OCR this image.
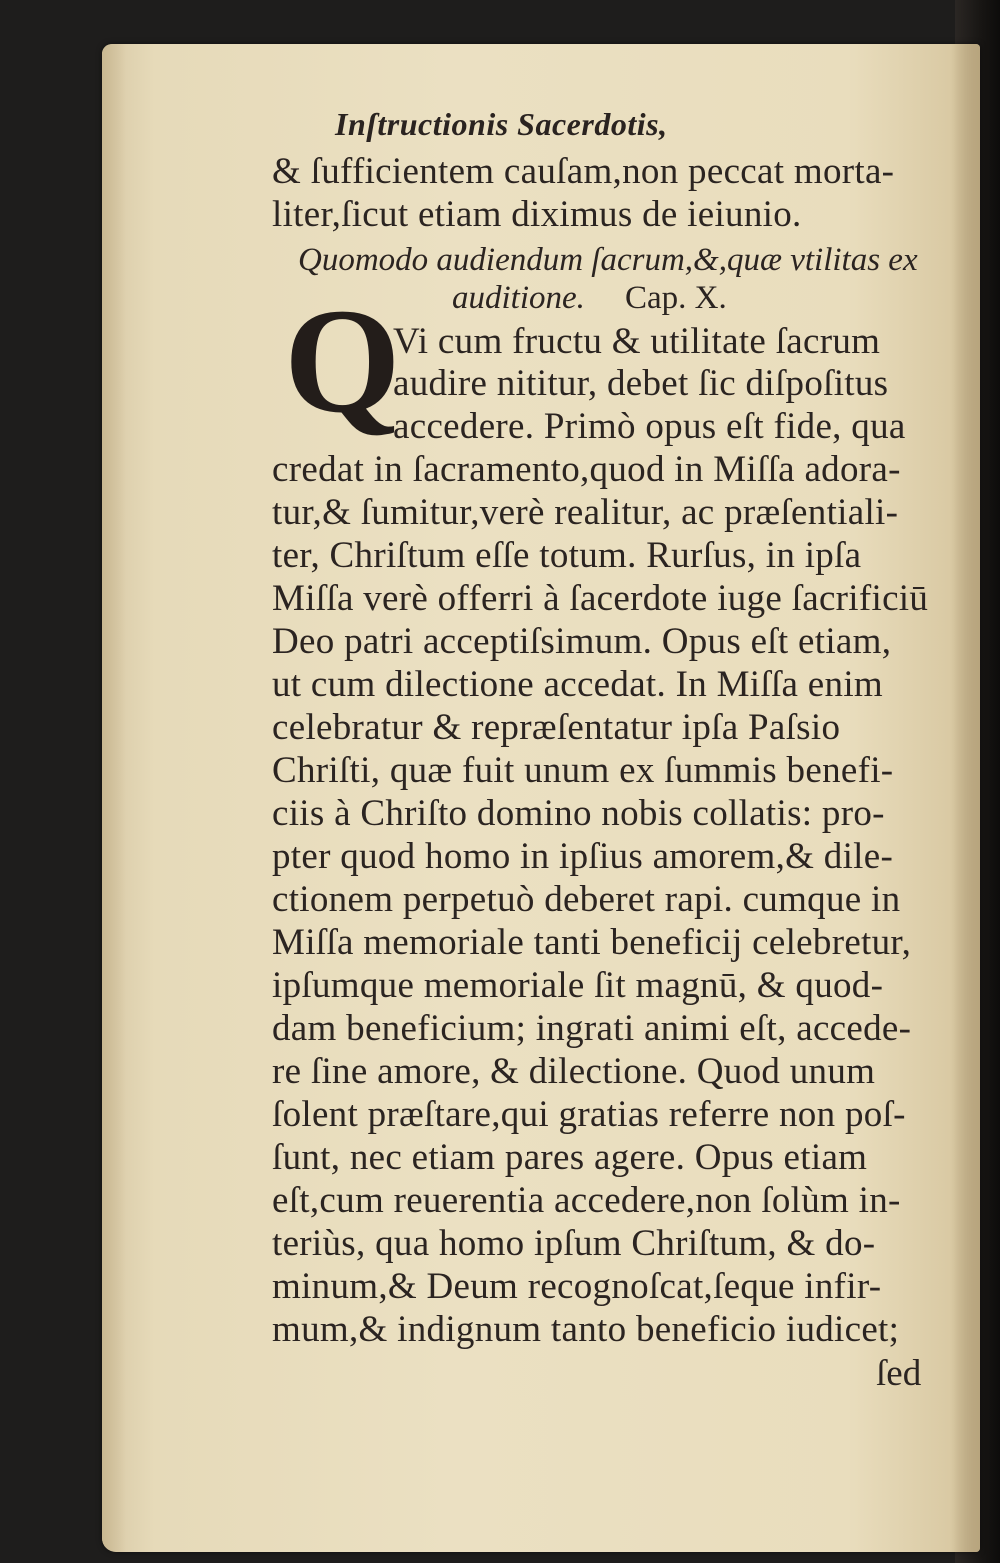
Inſtructionis Sacerdotis,
& ſufficientem cauſam,non peccat morta-
liter,ſicut etiam diximus de ieiunio.
Quomodo audiendum ſacrum,&,quæ vtilitas ex
auditione. Cap. X.
Q
Vi cum fructu & utilitate ſacrum
audire nititur, debet ſic diſpoſitus
accedere. Primò opus eſt fide, qua
credat in ſacramento,quod in Miſſa adora-
tur,& ſumitur,verè realitur, ac præſentiali-
ter, Chriſtum eſſe totum. Rurſus, in ipſa
Miſſa verè offerri à ſacerdote iuge ſacrificiū
Deo patri acceptiſsimum. Opus eſt etiam,
ut cum dilectione accedat. In Miſſa enim
celebratur & repræſentatur ipſa Paſsio
Chriſti, quæ fuit unum ex ſummis benefi-
ciis à Chriſto domino nobis collatis: pro-
pter quod homo in ipſius amorem,& dile-
ctionem perpetuò deberet rapi. cumque in
Miſſa memoriale tanti beneficij celebretur,
ipſumque memoriale ſit magnū, & quod-
dam beneficium; ingrati animi eſt, accede-
re ſine amore, & dilectione. Quod unum
ſolent præſtare,qui gratias referre non poſ-
ſunt, nec etiam pares agere. Opus etiam
eſt,cum reuerentia accedere,non ſolùm in-
teriùs, qua homo ipſum Chriſtum, & do-
minum,& Deum recognoſcat,ſeque infir-
mum,& indignum tanto beneficio iudicet;
ſed
